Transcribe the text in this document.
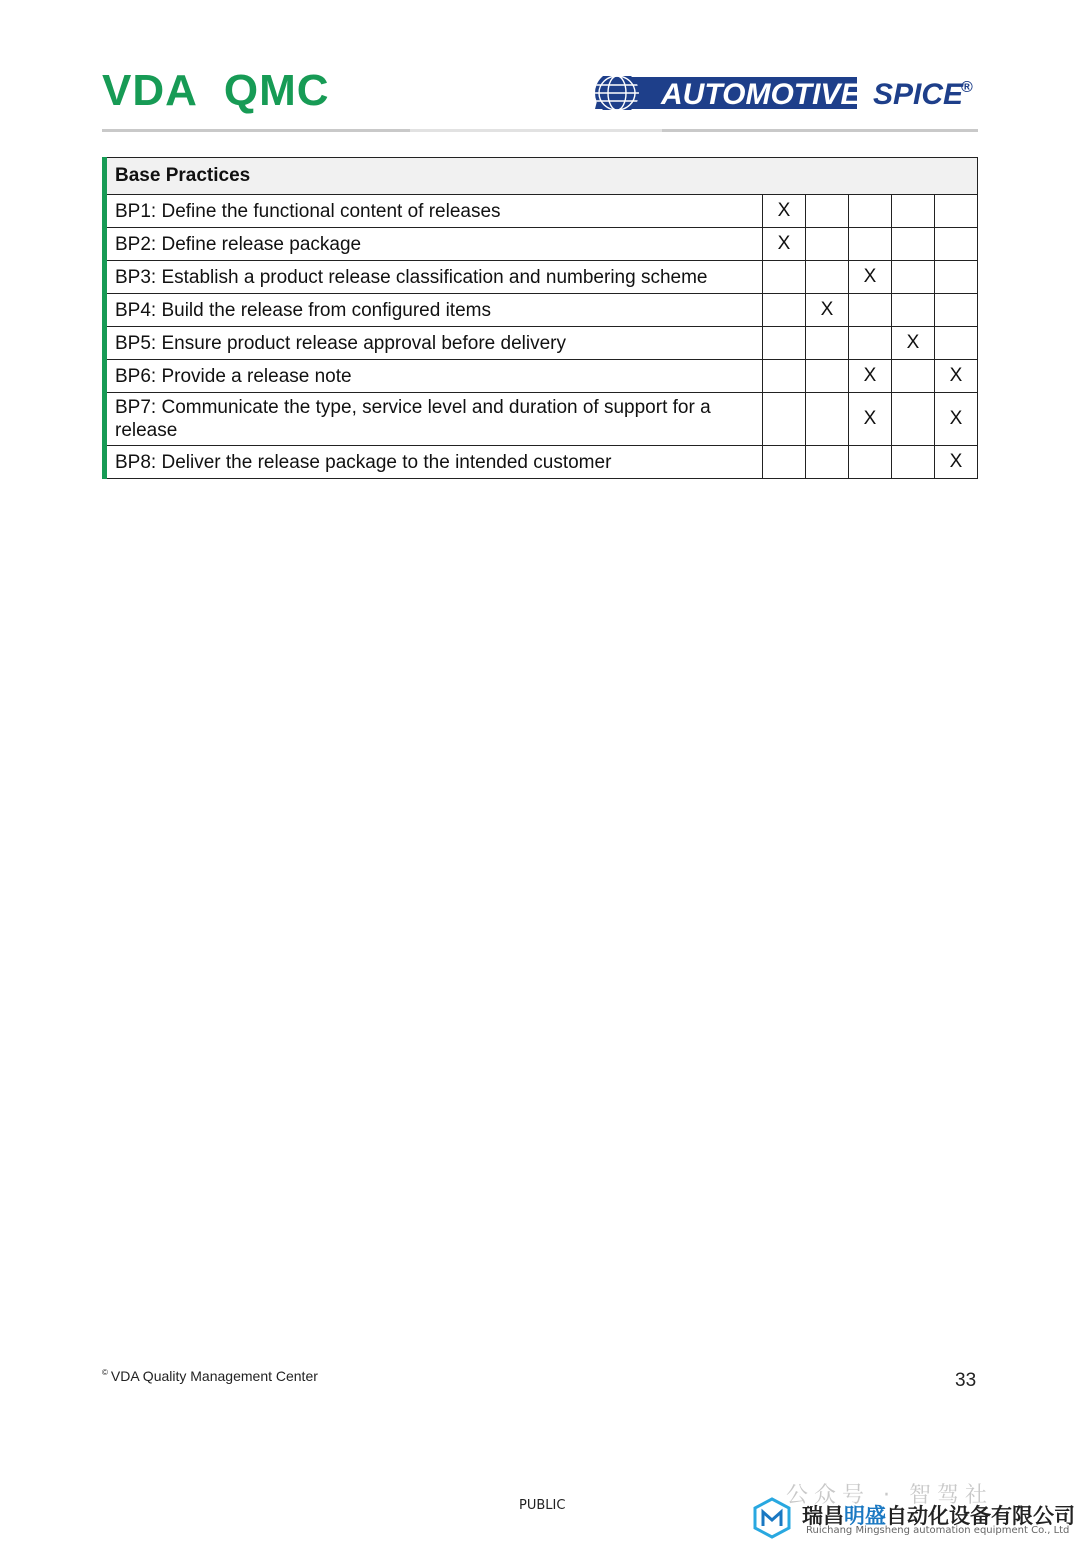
VDA QMC	AUTOMOTIVE SPICE
®
Base Practices					
BP1: Define the functional content of releases	X				
BP2: Define release package	X				
BP3: Establish a product release classification and numbering scheme			X		
BP4: Build the release from configured items		X			
BP5: Ensure product release approval before delivery				X	
BP6: Provide a release note			X		X
BP7: Communicate the type, service level and duration of support for a release			X		X
BP8: Deliver the release package to the intended customer					X
© VDA Quality Management Center	33
PUBLIC	公众号 · 智驾社
瑞昌明盛自动化设备有限公司
Ruichang Mingsheng automation equipment Co., Ltd
